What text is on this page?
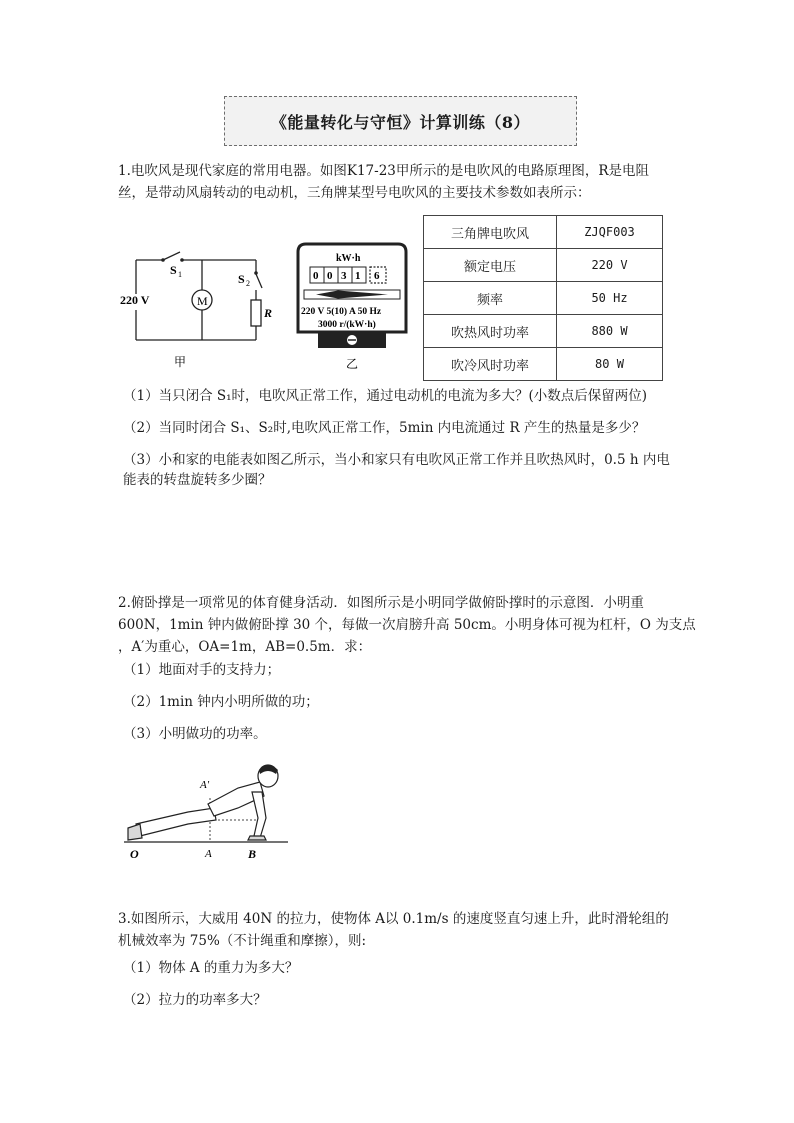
《能量转化与守恒》计算训练（8）
1.电吹风是现代家庭的常用电器。如图K17-23甲所示的是电吹风的电路原理图，R是电阻
丝，是带动风扇转动的电动机，三角牌某型号电吹风的主要技术参数如表所示：
M
S 1	S 2
220 V
R
甲
kW·h
0 0 3 1 6
220 V 5(10) A 50 Hz
3000 r/(kW·h)
乙
三角牌电吹风	ZJQF003
额定电压	220 V
频率	50 Hz
吹热风时功率	880 W
吹冷风时功率	80 W
（1）当只闭合 S₁时，电吹风正常工作，通过电动机的电流为多大？(小数点后保留两位)
（2）当同时闭合 S₁、S₂时,电吹风正常工作，5min 内电流通过 R 产生的热量是多少？
（3）小和家的电能表如图乙所示，当小和家只有电吹风正常工作并且吹热风时，0.5 h 内电
能表的转盘旋转多少圈？
2.俯卧撑是一项常见的体育健身活动．如图所示是小明同学做俯卧撑时的示意图．小明重
600N，1min 钟内做俯卧撑 30 个，每做一次肩膀升高 50cm。小明身体可视为杠杆，O 为支点
，A′为重心，OA=1m，AB=0.5m．求：
（1）地面对手的支持力；
（2）1min 钟内小明所做的功；
（3）小明做功的功率。
A'
O	A	B
3.如图所示，大威用 40N 的拉力，使物体 A以 0.1m/s 的速度竖直匀速上升，此时滑轮组的
机械效率为 75%（不计绳重和摩擦），则:
（1）物体 A 的重力为多大？
（2）拉力的功率多大？
